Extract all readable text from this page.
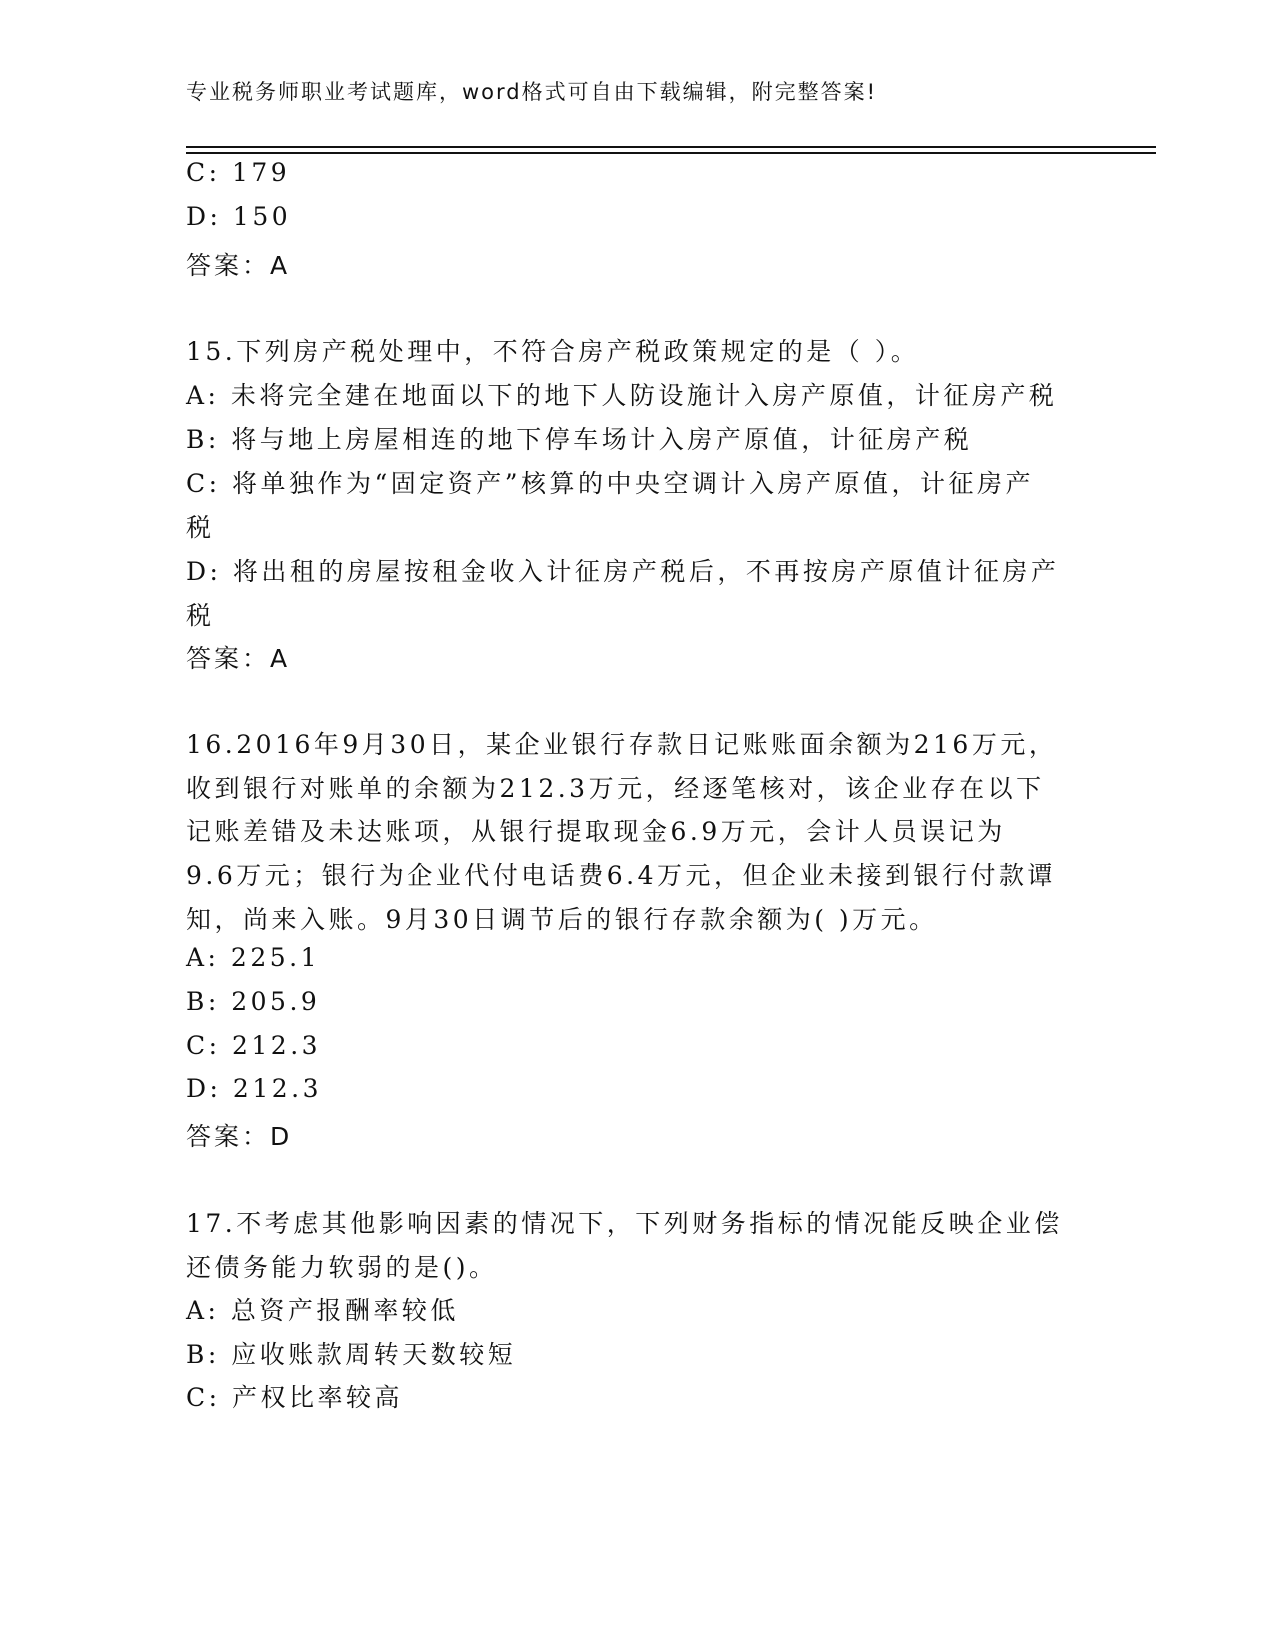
专业税务师职业考试题库，word格式可自由下载编辑，附完整答案!
C: 179
D: 150
答案：A
15.下列房产税处理中，不符合房产税政策规定的是（ ）。
A: 未将完全建在地面以下的地下人防设施计入房产原值，计征房产税
B: 将与地上房屋相连的地下停车场计入房产原值，计征房产税
C: 将单独作为“固定资产”核算的中央空调计入房产原值，计征房产
税
D: 将出租的房屋按租金收入计征房产税后，不再按房产原值计征房产
税
答案：A
16.2016年9月30日，某企业银行存款日记账账面余额为216万元，
收到银行对账单的余额为212.3万元，经逐笔核对，该企业存在以下
记账差错及未达账项，从银行提取现金6.9万元，会计人员误记为
9.6万元；银行为企业代付电话费6.4万元，但企业未接到银行付款谭
知，尚来入账。9月30日调节后的银行存款余额为( )万元。
A: 225.1
B: 205.9
C: 212.3
D: 212.3
答案：D
17.不考虑其他影响因素的情况下，下列财务指标的情况能反映企业偿
还债务能力软弱的是()。
A: 总资产报酬率较低
B: 应收账款周转天数较短
C: 产权比率较高
